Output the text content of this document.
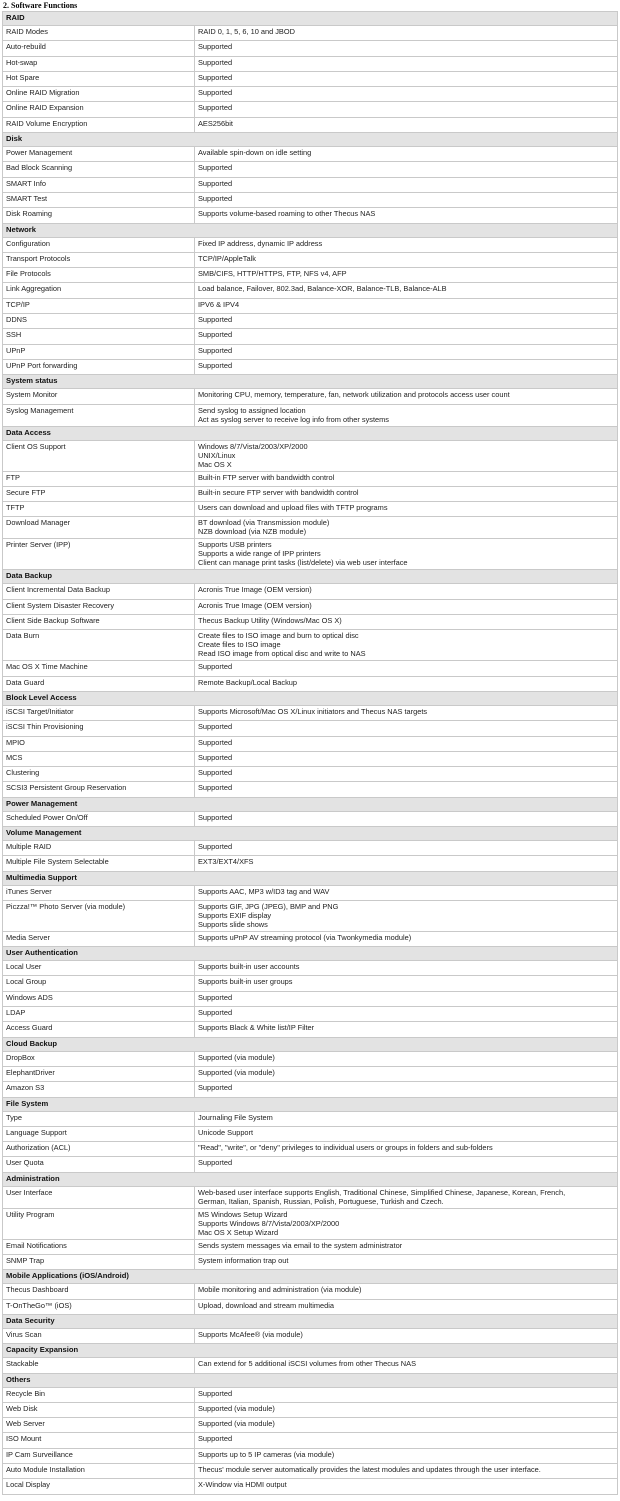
2. Software Functions
RAID	
RAID Modes	RAID 0, 1, 5, 6, 10 and JBOD

Auto-rebuild	Supported

Hot-swap	Supported

Hot Spare	Supported

Online RAID Migration	Supported

Online RAID Expansion	Supported

RAID Volume Encryption	AES256bit

Disk	
Power Management	Available spin-down on idle setting

Bad Block Scanning	Supported

SMART Info	Supported

SMART Test	Supported

Disk Roaming	Supports volume-based roaming to other Thecus NAS

Network	
Configuration	Fixed IP address, dynamic IP address

Transport Protocols	TCP/IP/AppleTalk

File Protocols	SMB/CIFS, HTTP/HTTPS, FTP, NFS v4, AFP

Link Aggregation	Load balance, Failover, 802.3ad, Balance-XOR, Balance-TLB, Balance-ALB

TCP/IP	IPV6 & IPV4

DDNS	Supported

SSH	Supported

UPnP	Supported

UPnP Port forwarding	Supported

System status	
System Monitor	Monitoring CPU, memory, temperature, fan, network utilization and protocols access user count

Syslog Management	Send syslog to assigned location
Act as syslog server to receive log info from other systems

Data Access	
Client OS Support	Windows 8/7/Vista/2003/XP/2000
UNIX/Linux
Mac OS X

FTP	Built-in FTP server with bandwidth control

Secure FTP	Built-in secure FTP server with bandwidth control

TFTP	Users can download and upload files with TFTP programs

Download Manager	BT download (via Transmission module)
NZB download (via NZB module)

Printer Server (IPP)	Supports USB printers
Supports a wide range of IPP printers
Client can manage print tasks (list/delete) via web user interface

Data Backup	
Client Incremental Data Backup	Acronis True Image (OEM version)

Client System Disaster Recovery	Acronis True Image (OEM version)

Client Side Backup Software	Thecus Backup Utility (Windows/Mac OS X)

Data Burn	Create files to ISO image and burn to optical disc
Create files to ISO image
Read ISO image from optical disc and write to NAS

Mac OS X Time Machine	Supported

Data Guard	Remote Backup/Local Backup

Block Level Access	
iSCSI Target/Initiator	Supports Microsoft/Mac OS X/Linux initiators and Thecus NAS targets

iSCSI Thin Provisioning	Supported

MPIO	Supported

MCS	Supported

Clustering	Supported

SCSI3 Persistent Group Reservation	Supported

Power Management	
Scheduled Power On/Off	Supported

Volume Management	
Multiple RAID	Supported

Multiple File System Selectable	EXT3/EXT4/XFS

Multimedia Support	
iTunes Server	Supports AAC, MP3 w/ID3 tag and WAV

Piczza!™ Photo Server (via module)	Supports GIF, JPG (JPEG), BMP and PNG
Supports EXIF display
Supports slide shows

Media Server	Supports uPnP AV streaming protocol (via Twonkymedia module)

User Authentication	
Local User	Supports built-in user accounts

Local Group	Supports built-in user groups

Windows ADS	Supported

LDAP	Supported

Access Guard	Supports Black & White list/IP Filter

Cloud Backup	
DropBox	Supported (via module)

ElephantDriver	Supported (via module)

Amazon S3	Supported

File System	
Type	Journaling File System

Language Support	Unicode Support

Authorization (ACL)	"Read", "write", or "deny" privileges to individual users or groups in folders and sub-folders

User Quota	Supported

Administration	
User Interface	Web-based user interface supports English, Traditional Chinese, Simplified Chinese, Japanese, Korean, French,
German, Italian, Spanish, Russian, Polish, Portuguese, Turkish and Czech.

Utility Program	MS Windows Setup Wizard
Supports Windows 8/7/Vista/2003/XP/2000
Mac OS X Setup Wizard

Email Notifications	Sends system messages via email to the system administrator

SNMP Trap	System information trap out

Mobile Applications (iOS/Android)	
Thecus Dashboard	Mobile monitoring and administration (via module)

T-OnTheGo™ (iOS)	Upload, download and stream multimedia

Data Security	
Virus Scan	Supports McAfee® (via module)

Capacity Expansion	
Stackable	Can extend for 5 additional iSCSI volumes from other Thecus NAS

Others	
Recycle Bin	Supported

Web Disk	Supported (via module)

Web Server	Supported (via module)

ISO Mount	Supported

IP Cam Surveillance	Supports up to 5 IP cameras (via module)

Auto Module Installation	Thecus' module server automatically provides the latest modules and updates through the user interface.

Local Display	X-Window via HDMI output
